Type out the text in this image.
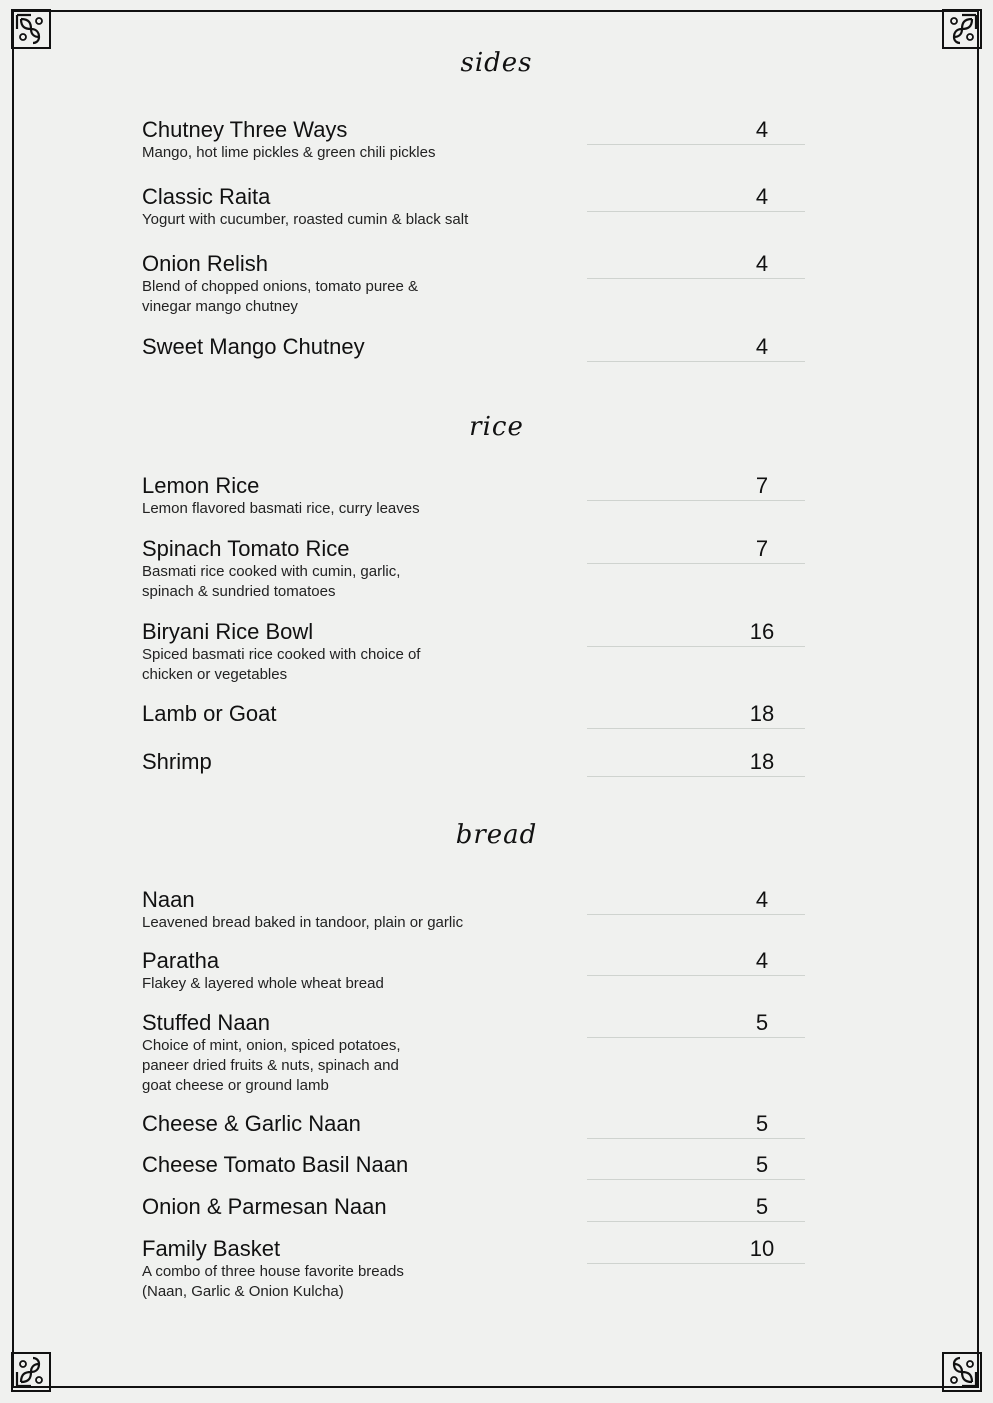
sides
Chutney Three Ways
Mango, hot lime pickles & green chili pickles
4
Classic Raita
Yogurt with cucumber, roasted cumin & black salt
4
Onion Relish
Blend of chopped onions, tomato puree &
vinegar mango chutney
4
Sweet Mango Chutney	4
rice
Lemon Rice
Lemon flavored basmati rice, curry leaves
7
Spinach Tomato Rice
Basmati rice cooked with cumin, garlic,
spinach & sundried tomatoes
7
Biryani Rice Bowl
Spiced basmati rice cooked with choice of
chicken or vegetables
16
Lamb or Goat	18
Shrimp	18
bread
Naan
Leavened bread baked in tandoor, plain or garlic
4
Paratha
Flakey & layered whole wheat bread
4
Stuffed Naan
Choice of mint, onion, spiced potatoes,
paneer dried fruits & nuts, spinach and
goat cheese or ground lamb
5
Cheese & Garlic Naan	5
Cheese Tomato Basil Naan	5
Onion & Parmesan Naan	5
Family Basket
A combo of three house favorite breads
(Naan, Garlic & Onion Kulcha)
10
